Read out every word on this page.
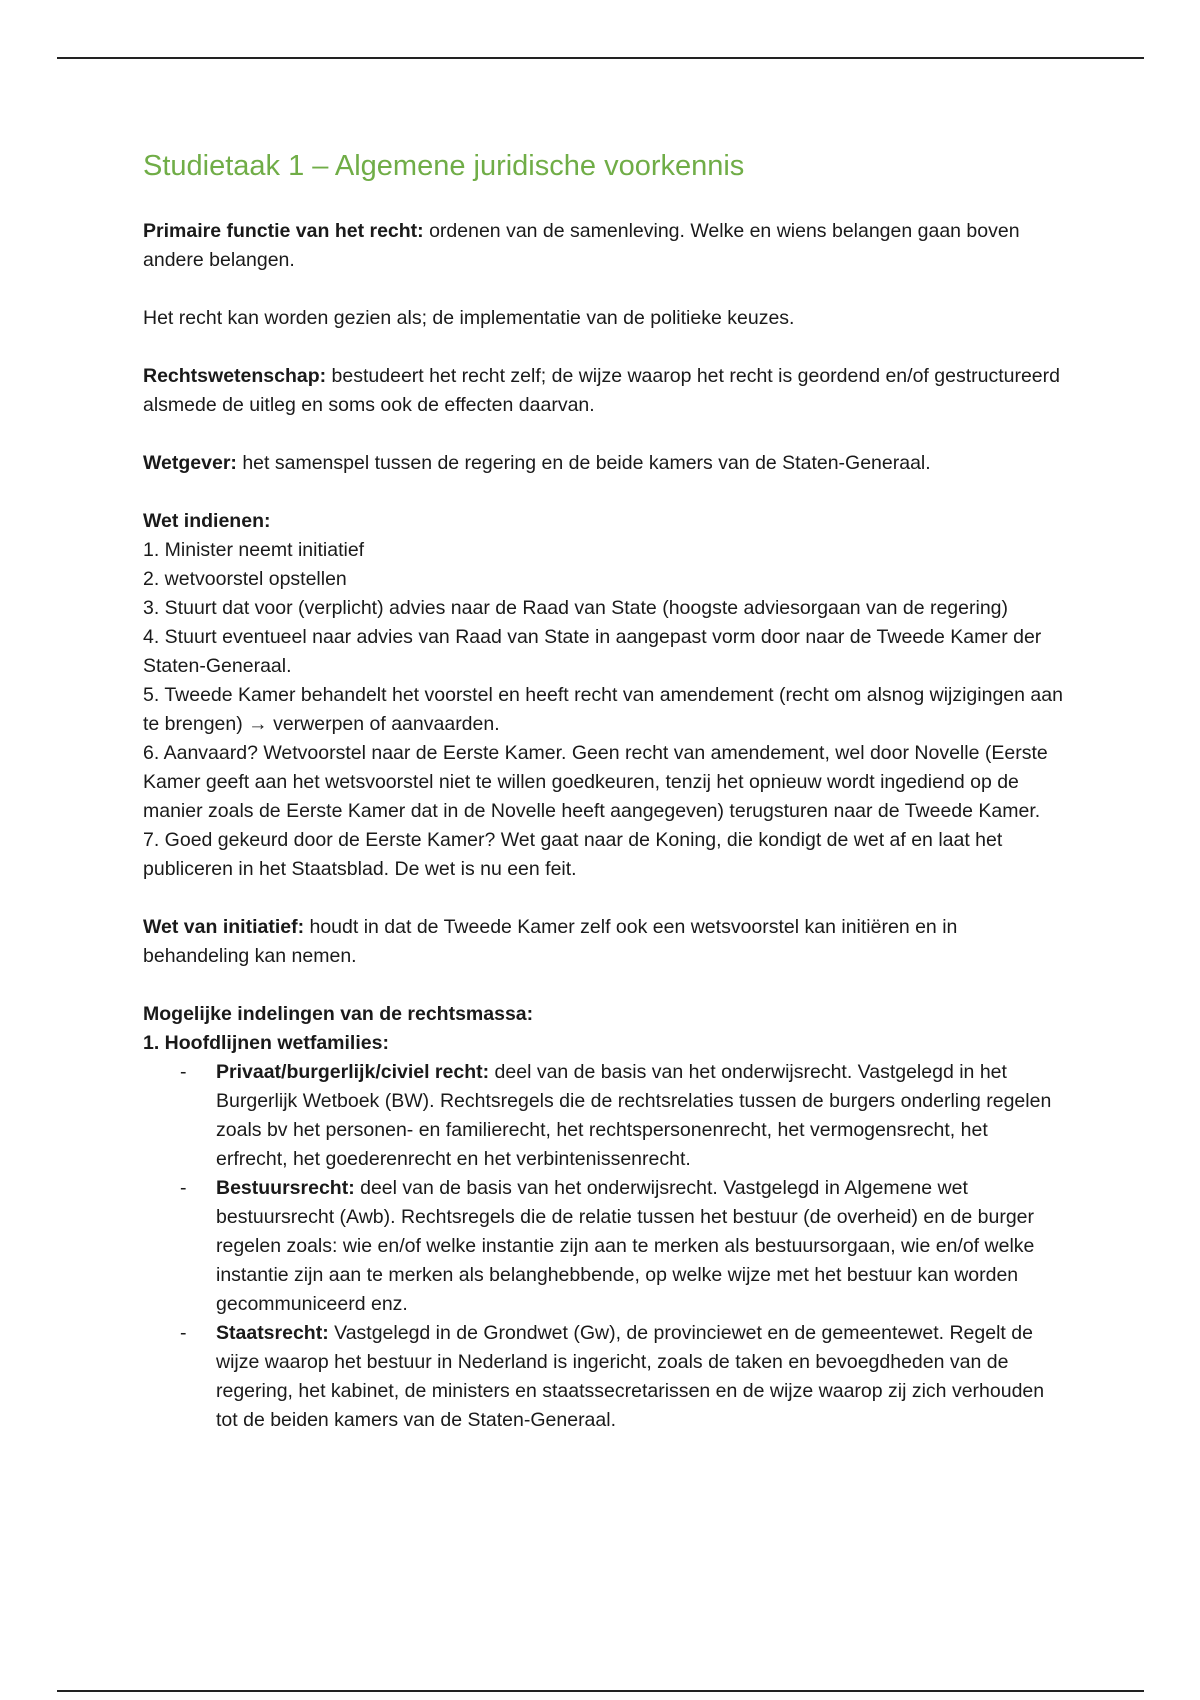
Studietaak 1 – Algemene juridische voorkennis

Primaire functie van het recht: ordenen van de samenleving. Welke en wiens belangen gaan boven andere belangen.

Het recht kan worden gezien als; de implementatie van de politieke keuzes.

Rechtswetenschap: bestudeert het recht zelf; de wijze waarop het recht is geordend en/of gestructureerd alsmede de uitleg en soms ook de effecten daarvan.

Wetgever: het samenspel tussen de regering en de beide kamers van de Staten-Generaal.

Wet indienen:
1. Minister neemt initiatief
2. wetvoorstel opstellen
3. Stuurt dat voor (verplicht) advies naar de Raad van State (hoogste adviesorgaan van de regering)
4. Stuurt eventueel naar advies van Raad van State in aangepast vorm door naar de Tweede Kamer der Staten-Generaal.
5. Tweede Kamer behandelt het voorstel en heeft recht van amendement (recht om alsnog wijzigingen aan te brengen) → verwerpen of aanvaarden.
6. Aanvaard? Wetvoorstel naar de Eerste Kamer. Geen recht van amendement, wel door Novelle (Eerste Kamer geeft aan het wetsvoorstel niet te willen goedkeuren, tenzij het opnieuw wordt ingediend op de manier zoals de Eerste Kamer dat in de Novelle heeft aangegeven) terugsturen naar de Tweede Kamer.
7. Goed gekeurd door de Eerste Kamer? Wet gaat naar de Koning, die kondigt de wet af en laat het publiceren in het Staatsblad. De wet is nu een feit.

Wet van initiatief: houdt in dat de Tweede Kamer zelf ook een wetsvoorstel kan initiëren en in behandeling kan nemen.

Mogelijke indelingen van de rechtsmassa:
1. Hoofdlijnen wetfamilies:
- Privaat/burgerlijk/civiel recht: deel van de basis van het onderwijsrecht. Vastgelegd in het Burgerlijk Wetboek (BW). Rechtsregels die de rechtsrelaties tussen de burgers onderling regelen zoals bv het personen- en familierecht, het rechtspersonenrecht, het vermogensrecht, het erfrecht, het goederenrecht en het verbintenissenrecht.
- Bestuursrecht: deel van de basis van het onderwijsrecht. Vastgelegd in Algemene wet bestuursrecht (Awb). Rechtsregels die de relatie tussen het bestuur (de overheid) en de burger regelen zoals: wie en/of welke instantie zijn aan te merken als bestuursorgaan, wie en/of welke instantie zijn aan te merken als belanghebbende, op welke wijze met het bestuur kan worden gecommuniceerd enz.
- Staatsrecht: Vastgelegd in de Grondwet (Gw), de provinciewet en de gemeentewet. Regelt de wijze waarop het bestuur in Nederland is ingericht, zoals de taken en bevoegdheden van de regering, het kabinet, de ministers en staatssecretarissen en de wijze waarop zij zich verhouden tot de beiden kamers van de Staten-Generaal.
